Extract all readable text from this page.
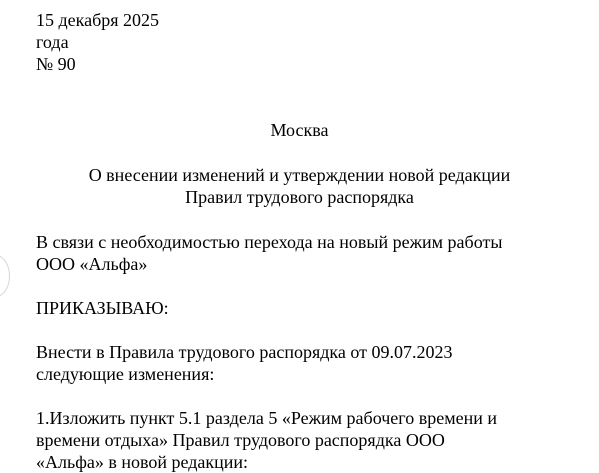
15 декабря 2025
года
№ 90
Москва
О внесении изменений и утверждении новой редакции
Правил трудового распорядка
В связи с необходимостью перехода на новый режим работы
ООО «Альфа»
ПРИКАЗЫВАЮ:
Внести в Правила трудового распорядка от 09.07.2023
следующие изменения:
1.Изложить пункт 5.1 раздела 5 «Режим рабочего времени и
времени отдыха» Правил трудового распорядка ООО
«Альфа» в новой редакции:
